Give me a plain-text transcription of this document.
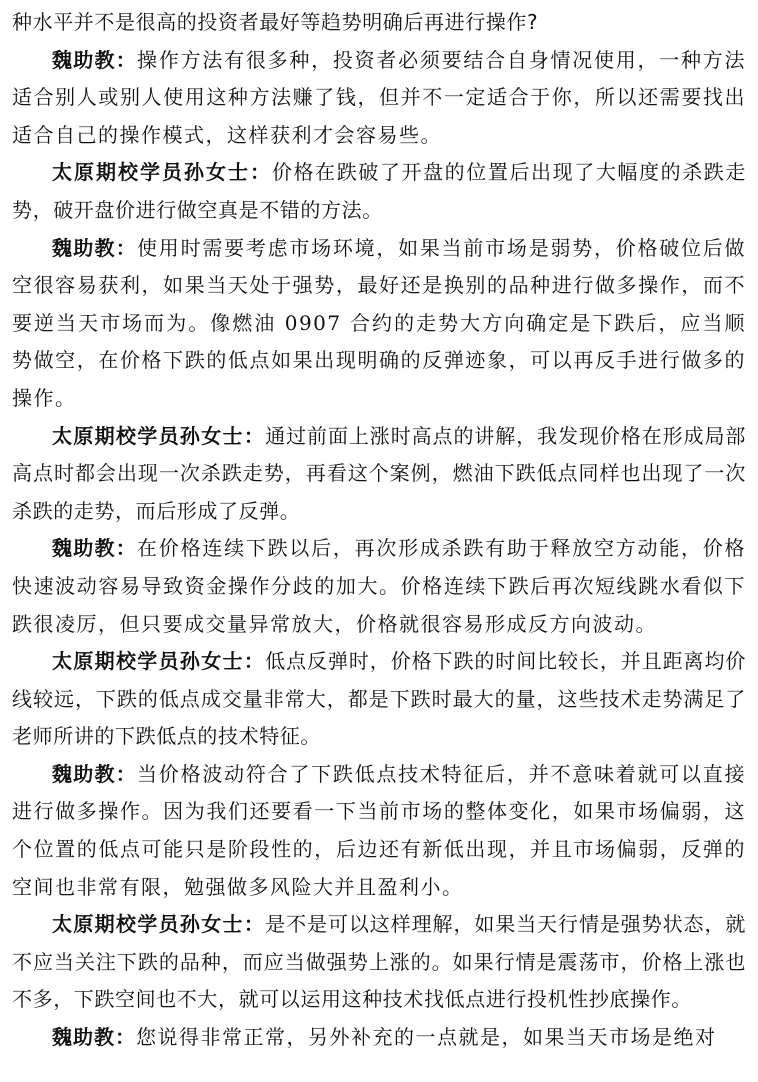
种水平并不是很高的投资者最好等趋势明确后再进行操作?

魏助教：操作方法有很多种，投资者必须要结合自身情况使用，一种方法适合别人或别人使用这种方法赚了钱，但并不一定适合于你，所以还需要找出适合自己的操作模式，这样获利才会容易些。

太原期校学员孙女士：价格在跌破了开盘的位置后出现了大幅度的杀跌走势，破开盘价进行做空真是不错的方法。

魏助教：使用时需要考虑市场环境，如果当前市场是弱势，价格破位后做空很容易获利，如果当天处于强势，最好还是换别的品种进行做多操作，而不要逆当天市场而为。像燃油 0907 合约的走势大方向确定是下跌后，应当顺势做空，在价格下跌的低点如果出现明确的反弹迹象，可以再反手进行做多的操作。

太原期校学员孙女士：通过前面上涨时高点的讲解，我发现价格在形成局部高点时都会出现一次杀跌走势，再看这个案例，燃油下跌低点同样也出现了一次杀跌的走势，而后形成了反弹。

魏助教：在价格连续下跌以后，再次形成杀跌有助于释放空方动能，价格快速波动容易导致资金操作分歧的加大。价格连续下跌后再次短线跳水看似下跌很凌厉，但只要成交量异常放大，价格就很容易形成反方向波动。

太原期校学员孙女士：低点反弹时，价格下跌的时间比较长，并且距离均价线较远，下跌的低点成交量非常大，都是下跌时最大的量，这些技术走势满足了老师所讲的下跌低点的技术特征。

魏助教：当价格波动符合了下跌低点技术特征后，并不意味着就可以直接进行做多操作。因为我们还要看一下当前市场的整体变化，如果市场偏弱，这个位置的低点可能只是阶段性的，后边还有新低出现，并且市场偏弱，反弹的空间也非常有限，勉强做多风险大并且盈利小。

太原期校学员孙女士：是不是可以这样理解，如果当天行情是强势状态，就不应当关注下跌的品种，而应当做强势上涨的。如果行情是震荡市，价格上涨也不多，下跌空间也不大，就可以运用这种技术找低点进行投机性抄底操作。

魏助教：您说得非常正常，另外补充的一点就是，如果当天市场是绝对
